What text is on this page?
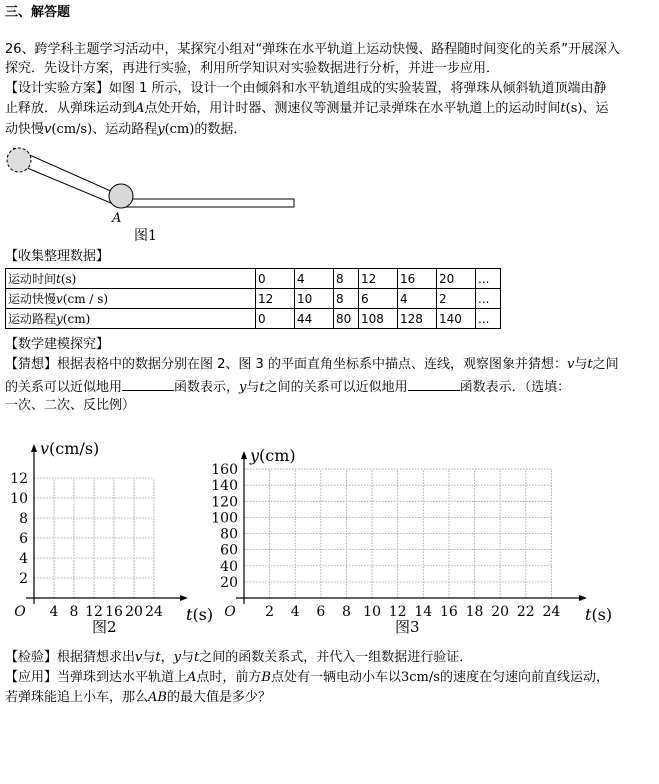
三、解答题
26、跨学科主题学习活动中，某探究小组对“弹珠在水平轨道上运动快慢、路程随时间变化的关系”开展深入
探究．先设计方案，再进行实验，利用所学知识对实验数据进行分析，并进一步应用．
【设计实验方案】如图 1 所示，设计一个由倾斜和水平轨道组成的实验装置，将弹珠从倾斜轨道顶端由静
止释放．从弹珠运动到A点处开始，用计时器、测速仪等测量并记录弹珠在水平轨道上的运动时间t(s)、运
动快慢v(cm/s)、运动路程y(cm)的数据．
A
图1
【收集整理数据】
运动时间t(s)	0	4	8	12	16	20	...
运动快慢v(cm / s)	12	10	8	6	4	2	...
运动路程y(cm)	0	44	80	108	128	140	...
【数学建模探究】
【猜想】根据表格中的数据分别在图 2、图 3 的平面直角坐标系中描点、连线，观察图象并猜想：v与t之间
的关系可以近似地用	函数表示，y与t之间的关系可以近似地用	函数表示．（选填：
一次、二次、反比例）
4 8 12 16 20 24
2
4
6
8
10
12
O	t(s)
v(cm/s)
图2
2 4 6 8 10 12 14 16 18 20 22 24
20
40
60
80
100
120
140
160
O	t(s)
y(cm)
图3
【检验】根据猜想求出v与t，y与t之间的函数关系式，并代入一组数据进行验证．
【应用】当弹珠到达水平轨道上A点时，前方B点处有一辆电动小车以3cm/s的速度在匀速向前直线运动，
若弹珠能追上小车，那么AB的最大值是多少？
